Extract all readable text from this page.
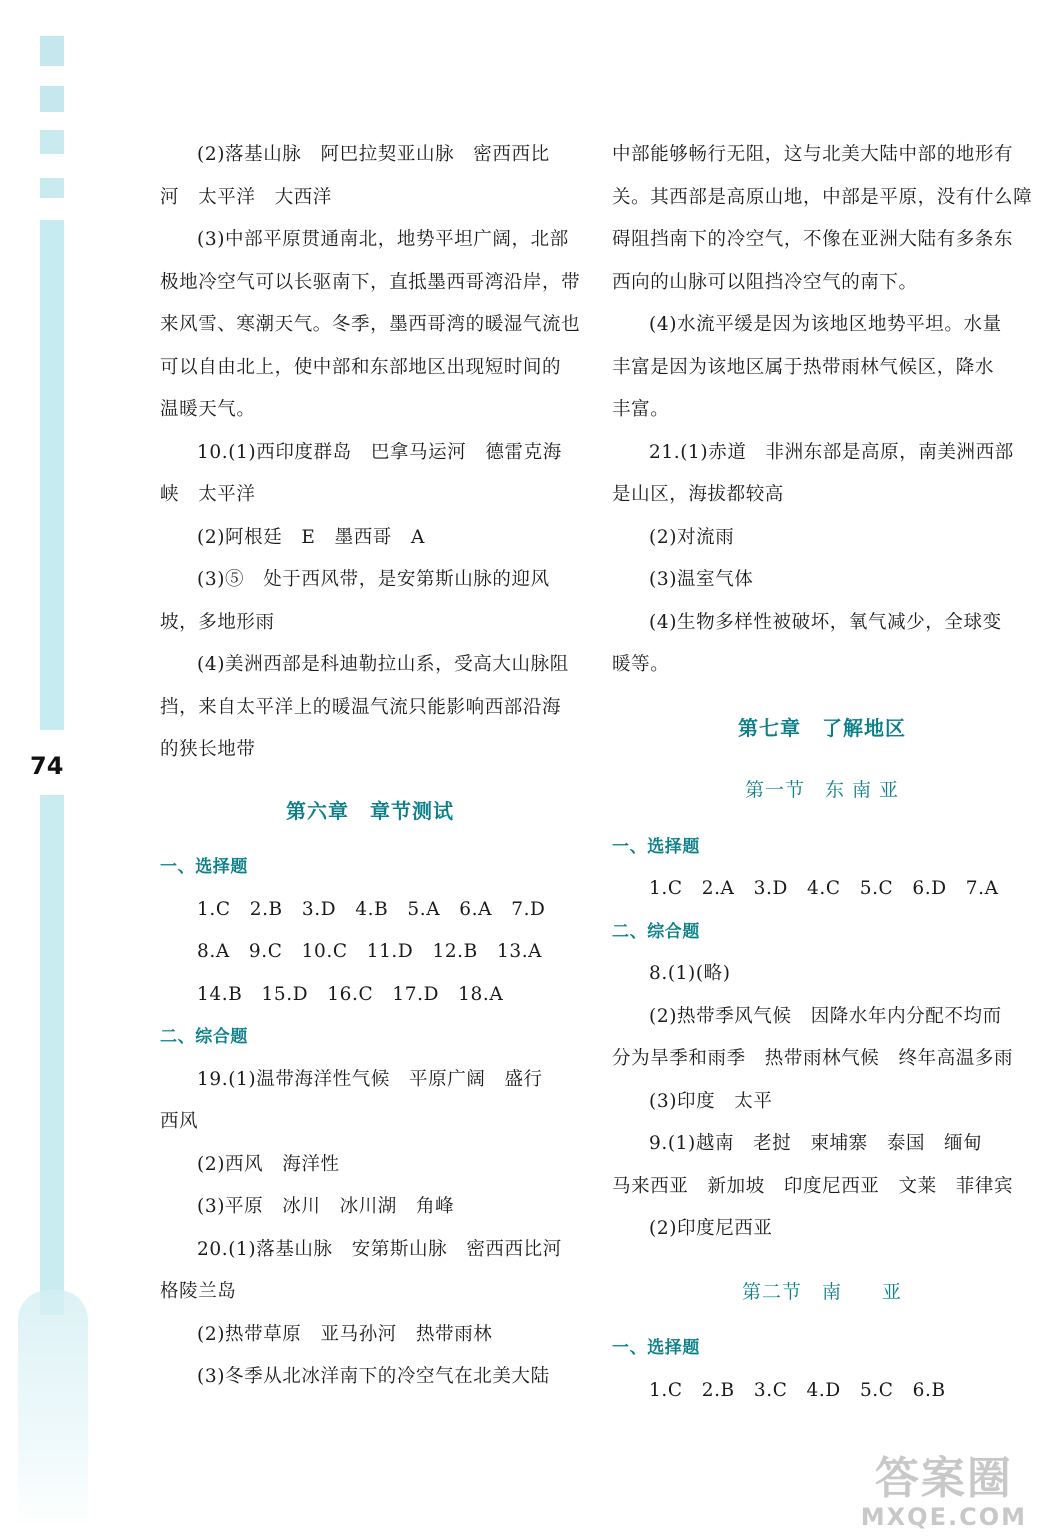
74

(2)落基山脉　阿巴拉契亚山脉　密西西比

河　太平洋　大西洋

(3)中部平原贯通南北，地势平坦广阔，北部

极地冷空气可以长驱南下，直抵墨西哥湾沿岸，带

来风雪、寒潮天气。冬季，墨西哥湾的暖湿气流也

可以自由北上，使中部和东部地区出现短时间的

温暖天气。

10.(1)西印度群岛　巴拿马运河　德雷克海

峡　太平洋

(2)阿根廷　E　墨西哥　A

(3)⑤　处于西风带，是安第斯山脉的迎风

坡，多地形雨

(4)美洲西部是科迪勒拉山系，受高大山脉阻

挡，来自太平洋上的暖温气流只能影响西部沿海

的狭长地带

第六章　章节测试

一、选择题

1.C　2.B　3.D　4.B　5.A　6.A　7.D

8.A　9.C　10.C　11.D　12.B　13.A

14.B　15.D　16.C　17.D　18.A

二、综合题

19.(1)温带海洋性气候　平原广阔　盛行

西风

(2)西风　海洋性

(3)平原　冰川　冰川湖　角峰

20.(1)落基山脉　安第斯山脉　密西西比河

格陵兰岛

(2)热带草原　亚马孙河　热带雨林

(3)冬季从北冰洋南下的冷空气在北美大陆

中部能够畅行无阻，这与北美大陆中部的地形有

关。其西部是高原山地，中部是平原，没有什么障

碍阻挡南下的冷空气，不像在亚洲大陆有多条东

西向的山脉可以阻挡冷空气的南下。

(4)水流平缓是因为该地区地势平坦。水量

丰富是因为该地区属于热带雨林气候区，降水

丰富。

21.(1)赤道　非洲东部是高原，南美洲西部

是山区，海拔都较高

(2)对流雨

(3)温室气体

(4)生物多样性被破坏，氧气减少，全球变

暖等。

第七章　了解地区
第一节　东 南 亚

一、选择题

1.C　2.A　3.D　4.C　5.C　6.D　7.A

二、综合题

8.(1)(略)

(2)热带季风气候　因降水年内分配不均而

分为旱季和雨季　热带雨林气候　终年高温多雨

(3)印度　太平

9.(1)越南　老挝　柬埔寨　泰国　缅甸

马来西亚　新加坡　印度尼西亚　文莱　菲律宾

(2)印度尼西亚

第二节　南　　亚

一、选择题

1.C　2.B　3.C　4.D　5.C　6.B

答案圈
MXQE.COM
